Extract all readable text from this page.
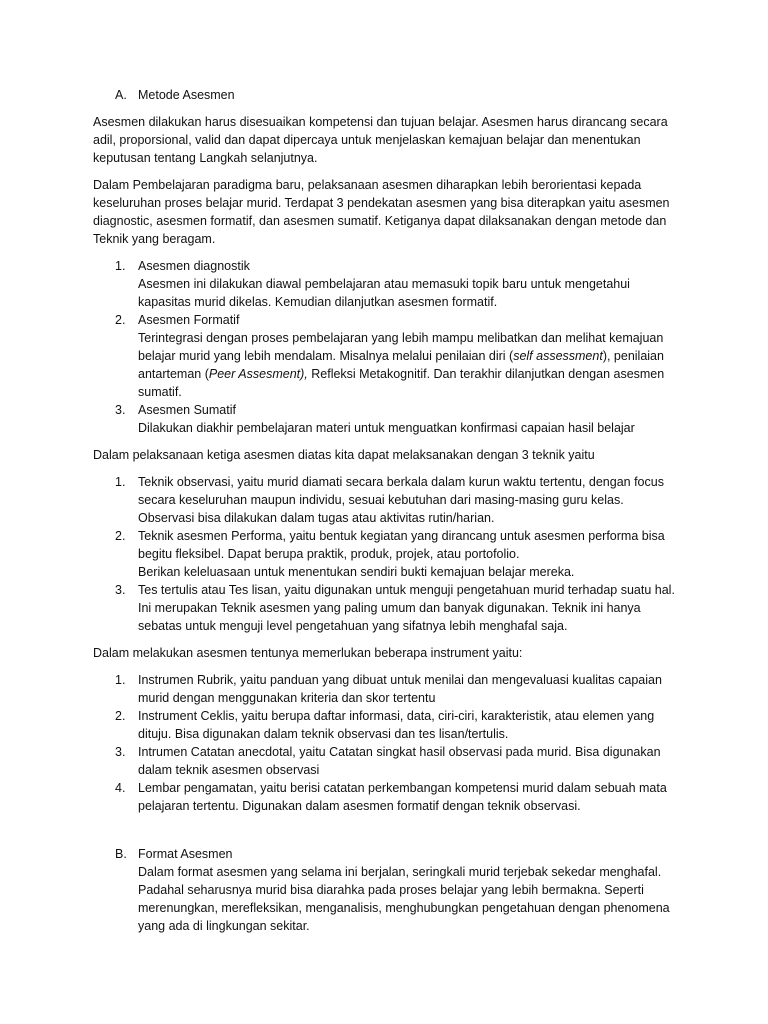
A. Metode Asesmen

Asesmen dilakukan harus disesuaikan kompetensi dan tujuan belajar. Asesmen harus dirancang secara adil, proporsional, valid dan dapat dipercaya untuk menjelaskan kemajuan belajar dan menentukan keputusan tentang Langkah selanjutnya.

Dalam Pembelajaran paradigma baru, pelaksanaan asesmen diharapkan lebih berorientasi kepada keseluruhan proses belajar murid. Terdapat 3 pendekatan asesmen yang bisa diterapkan yaitu asesmen diagnostic, asesmen formatif, dan asesmen sumatif. Ketiganya dapat dilaksanakan dengan metode dan Teknik yang beragam.

1.	Asesmen diagnostik
Asesmen ini dilakukan diawal pembelajaran atau memasuki topik baru untuk mengetahui kapasitas murid dikelas. Kemudian dilanjutkan asesmen formatif.
2.	Asesmen Formatif
Terintegrasi dengan proses pembelajaran yang lebih mampu melibatkan dan melihat kemajuan belajar murid yang lebih mendalam. Misalnya melalui penilaian diri (self assessment), penilaian antarteman (Peer Assesment), Refleksi Metakognitif. Dan terakhir dilanjutkan dengan asesmen sumatif.
3.	Asesmen Sumatif
Dilakukan diakhir pembelajaran materi untuk menguatkan konfirmasi capaian hasil belajar

Dalam pelaksanaan ketiga asesmen diatas kita dapat melaksanakan dengan 3 teknik yaitu

1.	Teknik observasi, yaitu murid diamati secara berkala dalam kurun waktu tertentu, dengan focus secara keseluruhan maupun individu, sesuai kebutuhan dari masing-masing guru kelas. Observasi bisa dilakukan dalam tugas atau aktivitas rutin/harian.
2.	Teknik asesmen Performa, yaitu bentuk kegiatan yang dirancang untuk asesmen performa bisa begitu fleksibel. Dapat berupa praktik, produk, projek, atau portofolio.
Berikan keleluasaan untuk menentukan sendiri bukti kemajuan belajar mereka.
3.	Tes tertulis atau Tes lisan, yaitu digunakan untuk menguji pengetahuan murid terhadap suatu hal. Ini merupakan Teknik asesmen yang paling umum dan banyak digunakan. Teknik ini hanya sebatas untuk menguji level pengetahuan yang sifatnya lebih menghafal saja.

Dalam melakukan asesmen tentunya memerlukan beberapa instrument yaitu:

1.	Instrumen Rubrik, yaitu panduan yang dibuat untuk menilai dan mengevaluasi kualitas capaian murid dengan menggunakan kriteria dan skor tertentu
2.	Instrument Ceklis, yaitu berupa daftar informasi, data, ciri-ciri, karakteristik, atau elemen yang dituju. Bisa digunakan dalam teknik observasi dan tes lisan/tertulis.
3.	Intrumen Catatan anecdotal, yaitu Catatan singkat hasil observasi pada murid. Bisa digunakan dalam teknik asesmen observasi
4.	Lembar pengamatan, yaitu berisi catatan perkembangan kompetensi murid dalam sebuah mata pelajaran tertentu. Digunakan dalam asesmen formatif dengan teknik observasi.
B. Format Asesmen

Dalam format asesmen yang selama ini berjalan, seringkali murid terjebak sekedar menghafal. Padahal seharusnya murid bisa diarahka pada proses belajar yang lebih bermakna. Seperti merenungkan, merefleksikan, menganalisis, menghubungkan pengetahuan dengan phenomena yang ada di lingkungan sekitar.
